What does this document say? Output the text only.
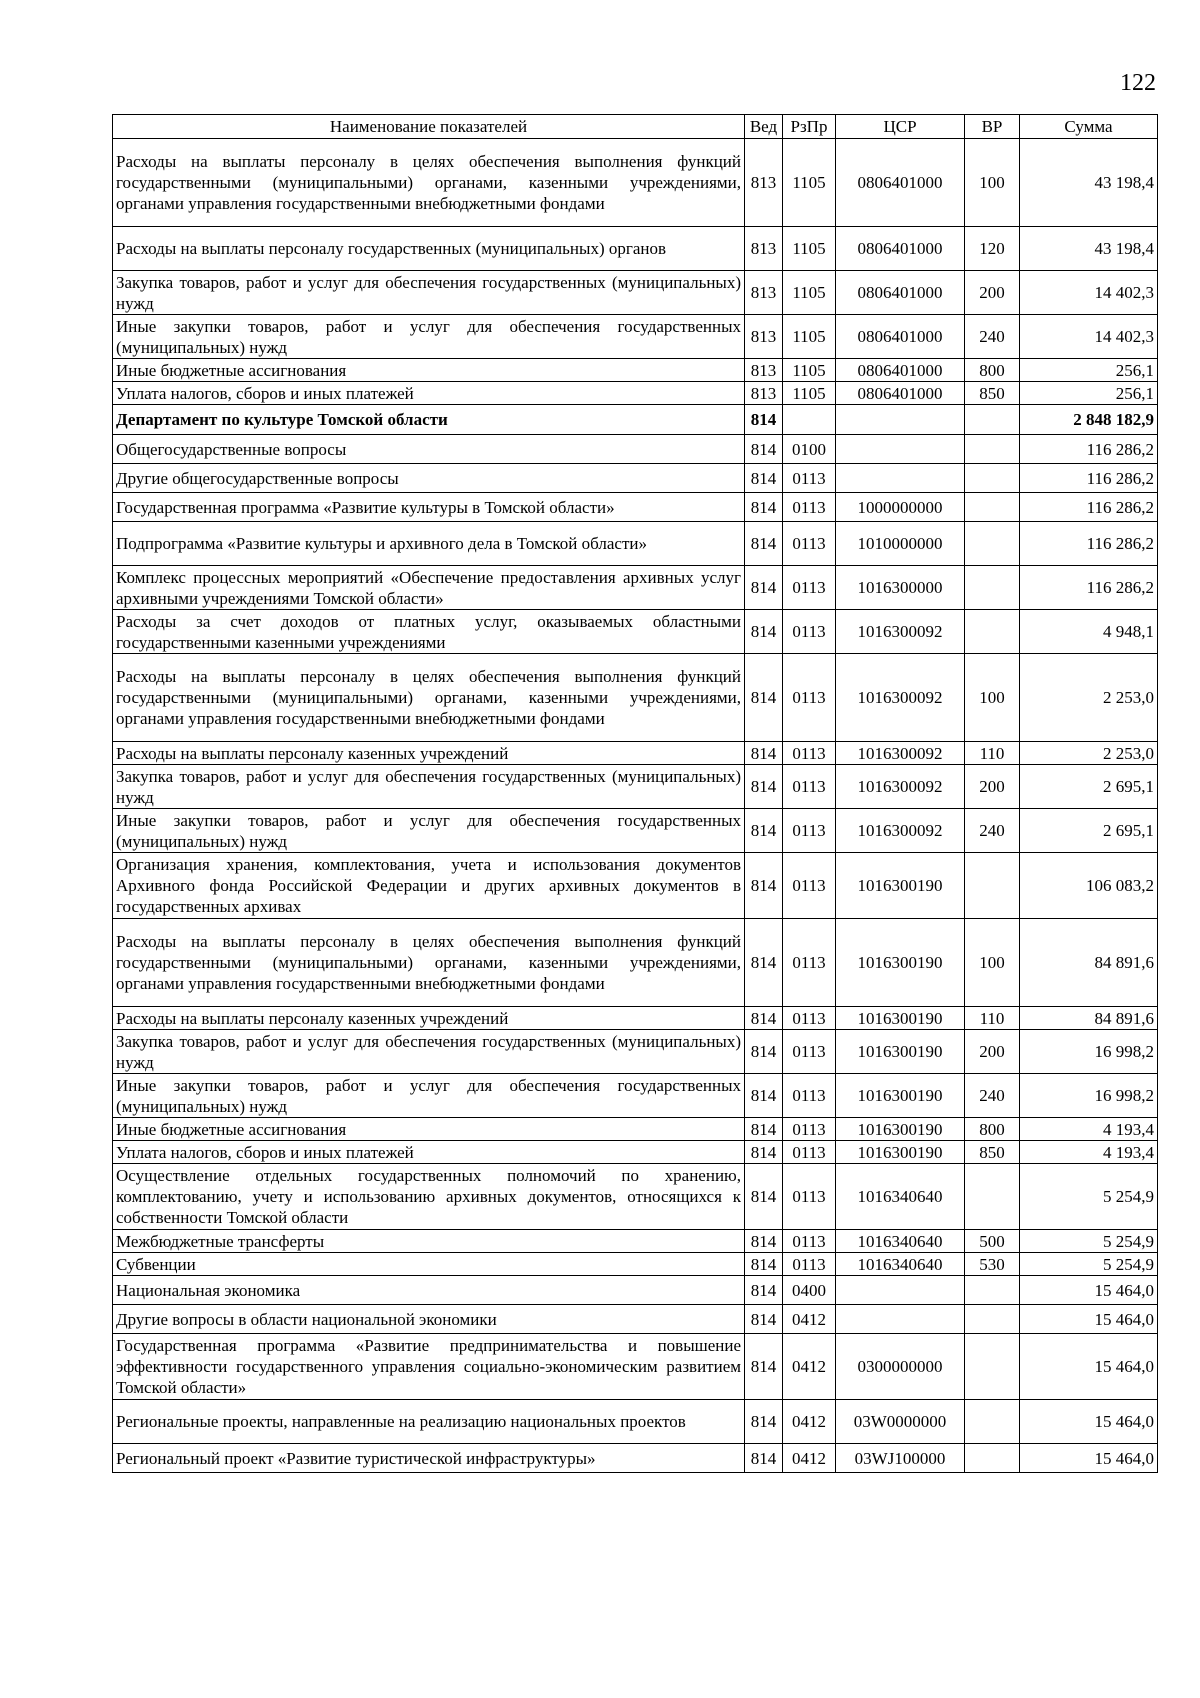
122
Наименование показателей	Вед	РзПр	ЦСР	ВР	Сумма
Расходы на выплаты персоналу в целях обеспечения выполнения функций государственными (муниципальными) органами, казенными учреждениями, органами управления государственными внебюджетными фондами	813	1105	0806401000	100	43 198,4
Расходы на выплаты персоналу государственных (муниципальных) органов	813	1105	0806401000	120	43 198,4
Закупка товаров, работ и услуг для обеспечения государственных (муниципальных) нужд	813	1105	0806401000	200	14 402,3
Иные закупки товаров, работ и услуг для обеспечения государственных (муниципальных) нужд	813	1105	0806401000	240	14 402,3
Иные бюджетные ассигнования	813	1105	0806401000	800	256,1
Уплата налогов, сборов и иных платежей	813	1105	0806401000	850	256,1
Департамент по культуре Томской области	814				2 848 182,9
Общегосударственные вопросы	814	0100			116 286,2
Другие общегосударственные вопросы	814	0113			116 286,2
Государственная программа «Развитие культуры в Томской области»	814	0113	1000000000		116 286,2
Подпрограмма «Развитие культуры и архивного дела в Томской области»	814	0113	1010000000		116 286,2
Комплекс процессных мероприятий «Обеспечение предоставления архивных услуг архивными учреждениями Томской области»	814	0113	1016300000		116 286,2
Расходы за счет доходов от платных услуг, оказываемых областными государственными казенными учреждениями	814	0113	1016300092		4 948,1
Расходы на выплаты персоналу в целях обеспечения выполнения функций государственными (муниципальными) органами, казенными учреждениями, органами управления государственными внебюджетными фондами	814	0113	1016300092	100	2 253,0
Расходы на выплаты персоналу казенных учреждений	814	0113	1016300092	110	2 253,0
Закупка товаров, работ и услуг для обеспечения государственных (муниципальных) нужд	814	0113	1016300092	200	2 695,1
Иные закупки товаров, работ и услуг для обеспечения государственных (муниципальных) нужд	814	0113	1016300092	240	2 695,1
Организация хранения, комплектования, учета и использования документов Архивного фонда Российской Федерации и других архивных документов в государственных архивах	814	0113	1016300190		106 083,2
Расходы на выплаты персоналу в целях обеспечения выполнения функций государственными (муниципальными) органами, казенными учреждениями, органами управления государственными внебюджетными фондами	814	0113	1016300190	100	84 891,6
Расходы на выплаты персоналу казенных учреждений	814	0113	1016300190	110	84 891,6
Закупка товаров, работ и услуг для обеспечения государственных (муниципальных) нужд	814	0113	1016300190	200	16 998,2
Иные закупки товаров, работ и услуг для обеспечения государственных (муниципальных) нужд	814	0113	1016300190	240	16 998,2
Иные бюджетные ассигнования	814	0113	1016300190	800	4 193,4
Уплата налогов, сборов и иных платежей	814	0113	1016300190	850	4 193,4
Осуществление отдельных государственных полномочий по хранению, комплектованию, учету и использованию архивных документов, относящихся к собственности Томской области	814	0113	1016340640		5 254,9
Межбюджетные трансферты	814	0113	1016340640	500	5 254,9
Субвенции	814	0113	1016340640	530	5 254,9
Национальная экономика	814	0400			15 464,0
Другие вопросы в области национальной экономики	814	0412			15 464,0
Государственная программа «Развитие предпринимательства и повышение эффективности государственного управления социально-экономическим развитием Томской области»	814	0412	0300000000		15 464,0
Региональные проекты, направленные на реализацию национальных проектов	814	0412	03W0000000		15 464,0
Региональный проект «Развитие туристической инфраструктуры»	814	0412	03WJ100000		15 464,0
